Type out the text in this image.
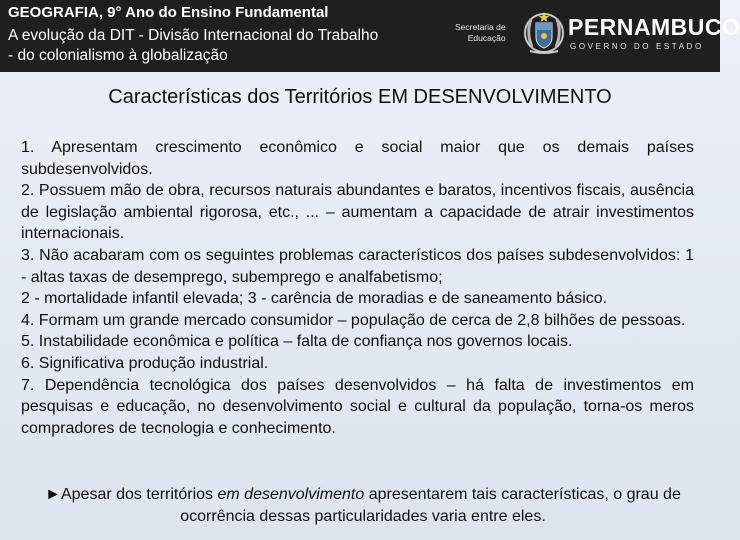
GEOGRAFIA, 9° Ano do Ensino Fundamental
A evolução da DIT - Divisão Internacional do Trabalho
- do colonialismo à globalização
Secretaria de
Educação	PERNAMBUCO
GOVERNO DO ESTADO
Características dos Territórios EM DESENVOLVIMENTO
1. Apresentam crescimento econômico e social maior que os demais países subdesenvolvidos.
2. Possuem mão de obra, recursos naturais abundantes e baratos, incentivos fiscais, ausência de legislação ambiental rigorosa, etc., ... – aumentam a capacidade de atrair investimentos internacionais.
3. Não acabaram com os seguintes problemas característicos dos países subdesenvolvidos: 1 - altas taxas de desemprego, subemprego e analfabetismo;
2 - mortalidade infantil elevada; 3 - carência de moradias e de saneamento básico.
4. Formam um grande mercado consumidor – população de cerca de 2,8 bilhões de pessoas.
5. Instabilidade econômica e política – falta de confiança nos governos locais.
6. Significativa produção industrial.
7. Dependência tecnológica dos países desenvolvidos – há falta de investimentos em pesquisas e educação, no desenvolvimento social e cultural da população, torna-os meros compradores de tecnologia e conhecimento.
►Apesar dos territórios em desenvolvimento apresentarem tais características, o grau de ocorrência dessas particularidades varia entre eles.
